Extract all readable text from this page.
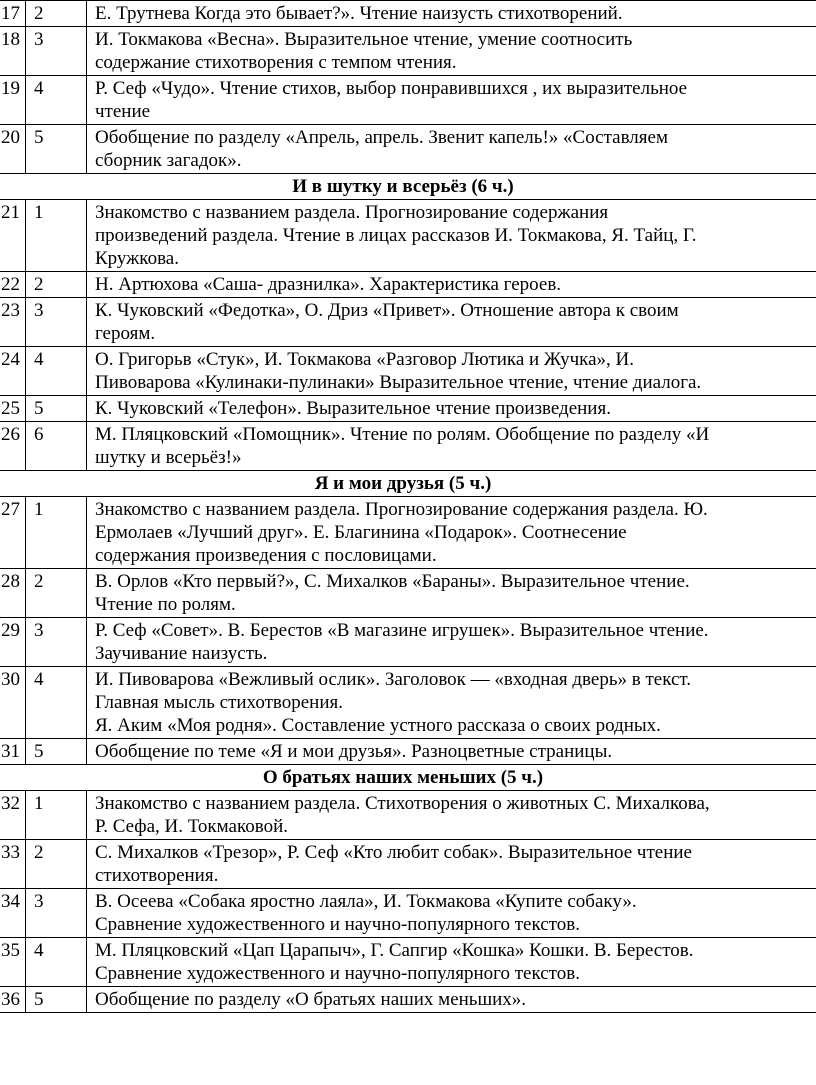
17	2	Е. Трутнева Когда это бывает?». Чтение наизусть стихотворений.

18	3	И. Токмакова «Весна». Выразительное чтение, умение соотносить
содержание стихотворения с темпом чтения.

19	4	Р. Сеф «Чудо». Чтение стихов, выбор понравившихся , их выразительное
чтение

20	5	Обобщение по разделу «Апрель, апрель. Звенит капель!» «Составляем
сборник загадок».

И в шутку и всерьёз (6 ч.)		
21	1	Знакомство с названием раздела. Прогнозирование содержания
произведений раздела. Чтение в лицах рассказов И. Токмакова, Я. Тайц, Г.
Кружкова.

22	2	Н. Артюхова «Саша- дразнилка». Характеристика героев.

23	3	К. Чуковский «Федотка», О. Дриз «Привет». Отношение автора к своим
героям.

24	4	О. Григорьв «Стук», И. Токмакова «Разговор Лютика и Жучка», И.
Пивоварова «Кулинаки-пулинаки» Выразительное чтение, чтение диалога.

25	5	К. Чуковский «Телефон». Выразительное чтение произведения.

26	6	М. Пляцковский «Помощник». Чтение по ролям. Обобщение по разделу «И
шутку и всерьёз!»

Я и мои друзья (5 ч.)		
27	1	Знакомство с названием раздела. Прогнозирование содержания раздела. Ю.
Ермолаев «Лучший друг». Е. Благинина «Подарок». Соотнесение
содержания произведения с пословицами.

28	2	В. Орлов «Кто первый?», С. Михалков «Бараны». Выразительное чтение.
Чтение по ролям.

29	3	Р. Сеф «Совет». В. Берестов «В магазине игрушек». Выразительное чтение.
Заучивание наизусть.

30	4	И. Пивоварова «Вежливый ослик». Заголовок — «входная дверь» в текст.
Главная мысль стихотворения.
Я. Аким «Моя родня». Составление устного рассказа о своих родных.

31	5	Обобщение по теме «Я и мои друзья». Разноцветные страницы.

О братьях наших меньших (5 ч.)		
32	1	Знакомство с названием раздела. Стихотворения о животных С. Михалкова,
Р. Сефа, И. Токмаковой.

33	2	С. Михалков «Трезор», Р. Сеф «Кто любит собак». Выразительное чтение
стихотворения.

34	3	В. Осеева «Собака яростно лаяла», И. Токмакова «Купите собаку».
Сравнение художественного и научно-популярного текстов.

35	4	М. Пляцковский «Цап Царапыч», Г. Сапгир «Кошка» Кошки. В. Берестов.
Сравнение художественного и научно-популярного текстов.

36	5	Обобщение по разделу «О братьях наших меньших».
